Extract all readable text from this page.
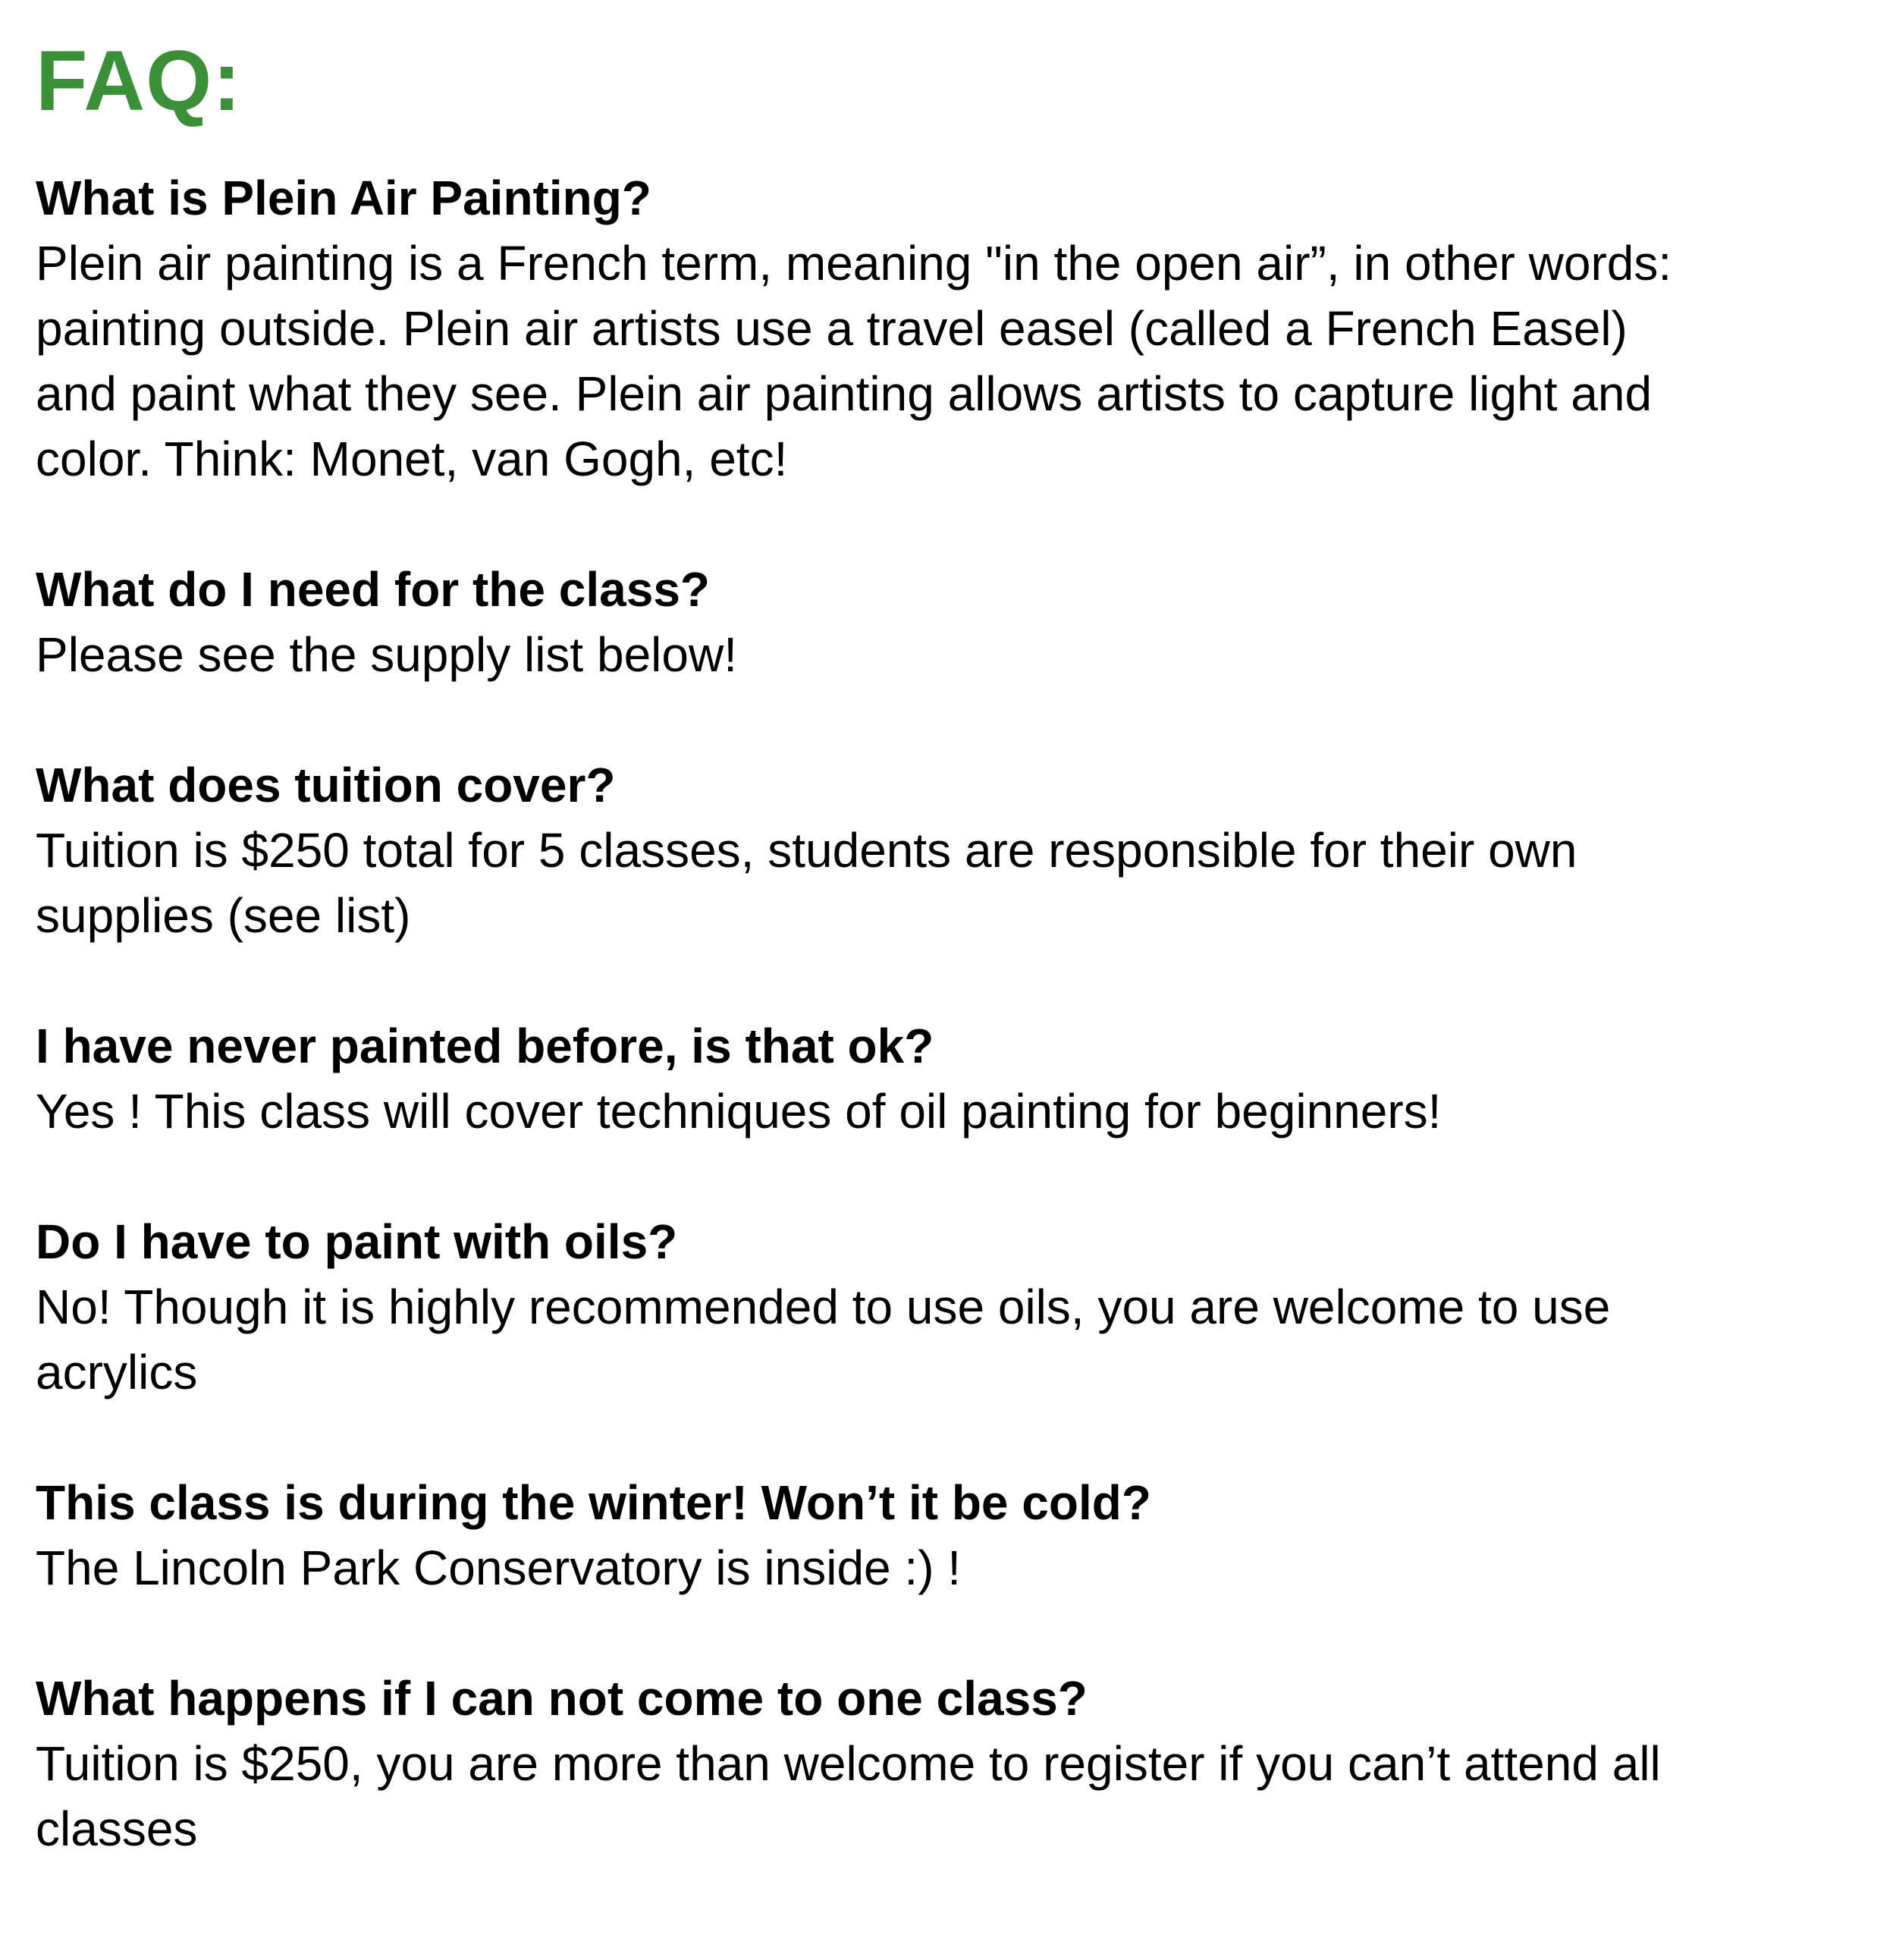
FAQ:

What is Plein Air Painting?

Plein air painting is a French term, meaning "in the open air”, in other words:
painting outside. Plein air artists use a travel easel (called a French Easel)
and paint what they see. Plein air painting allows artists to capture light and
color. Think: Monet, van Gogh, etc!

What do I need for the class?

Please see the supply list below!

What does tuition cover?

Tuition is $250 total for 5 classes, students are responsible for their own
supplies (see list)

I have never painted before, is that ok?

Yes ! This class will cover techniques of oil painting for beginners!

Do I have to paint with oils?

No! Though it is highly recommended to use oils, you are welcome to use
acrylics

This class is during the winter! Won’t it be cold?

The Lincoln Park Conservatory is inside :) !

What happens if I can not come to one class?

Tuition is $250, you are more than welcome to register if you can’t attend all
classes
